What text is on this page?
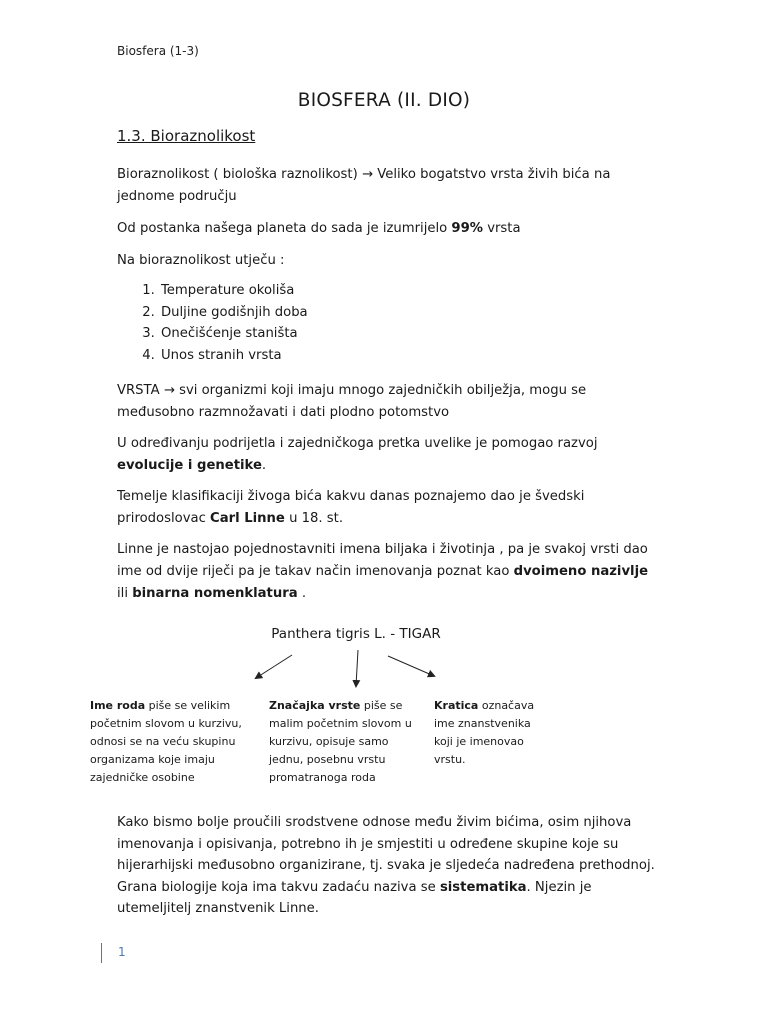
Biosfera (1-3)
BIOSFERA (II. DIO)
1.3. Bioraznolikost
Bioraznolikost ( biološka raznolikost) → Veliko bogatstvo vrsta živih bića na jednome području
Od postanka našega planeta do sada je izumrijelo 99% vrsta
Na bioraznolikost utječu :
1. Temperature okoliša
2. Duljine godišnjih doba
3. Onečišćenje staništa
4. Unos stranih vrsta
VRSTA → svi organizmi koji imaju mnogo zajedničkih obilježja, mogu se međusobno razmnožavati i dati plodno potomstvo
U određivanju podrijetla i zajedničkoga pretka uvelike je pomogao razvoj evolucije i genetike.
Temelje klasifikaciji živoga bića kakvu danas poznajemo dao je švedski prirodoslovac Carl Linne u 18. st.
Linne je nastojao pojednostavniti imena biljaka i životinja , pa je svakoj vrsti dao ime od dvije riječi pa je takav način imenovanja poznat kao dvoimeno nazivlje ili binarna nomenklatura .
Panthera tigris L. - TIGAR
Ime roda piše se velikim početnim slovom u kurzivu, odnosi se na veću skupinu organizama koje imaju zajedničke osobine
Značajka vrste piše se malim početnim slovom u kurzivu, opisuje samo jednu, posebnu vrstu promatranoga roda
Kratica označava ime znanstvenika koji je imenovao vrstu.
Kako bismo bolje proučili srodstvene odnose među živim bićima, osim njihova imenovanja i opisivanja, potrebno ih je smjestiti u određene skupine koje su hijerarhijski međusobno organizirane, tj. svaka je sljedeća nadređena prethodnoj. Grana biologije koja ima takvu zadaću naziva se sistematika. Njezin je utemeljitelj znanstvenik Linne.
1
